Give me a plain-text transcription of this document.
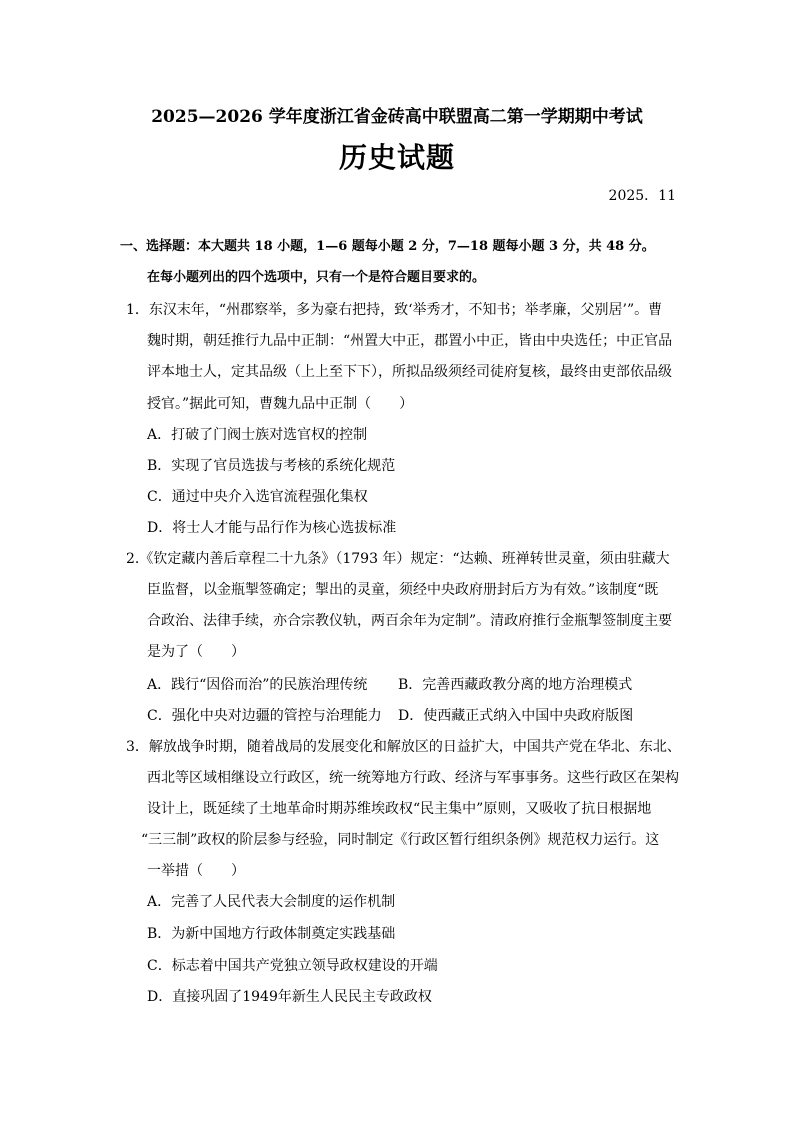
2025—2026 学年度浙江省金砖高中联盟高二第一学期期中考试
历史试题
2025．11
一、选择题：本大题共 18 小题，1—6 题每小题 2 分，7—18 题每小题 3 分，共 48 分。
在每小题列出的四个选项中，只有一个是符合题目要求的。
1．东汉末年，“州郡察举，多为豪右把持，致‘举秀才，不知书；举孝廉，父别居’”。曹
魏时期，朝廷推行九品中正制：“州置大中正，郡置小中正，皆由中央选任；中正官品
评本地士人，定其品级（上上至下下），所拟品级须经司徒府复核，最终由吏部依品级
授官。”据此可知，曹魏九品中正制（　　）
A．打破了门阀士族对选官权的控制
B．实现了官员选拔与考核的系统化规范
C．通过中央介入选官流程强化集权
D．将士人才能与品行作为核心选拔标准
2.《钦定藏内善后章程二十九条》（1793 年）规定：“达赖、班禅转世灵童，须由驻藏大
臣监督，以金瓶掣签确定；掣出的灵童，须经中央政府册封后方为有效。”该制度“既
合政治、法律手续，亦合宗教仪轨，两百余年为定制”。清政府推行金瓶掣签制度主要
是为了（　　）
A．践行“因俗而治”的民族治理传统 B．完善西藏政教分离的地方治理模式
C．强化中央对边疆的管控与治理能力 D．使西藏正式纳入中国中央政府版图
3．解放战争时期，随着战局的发展变化和解放区的日益扩大，中国共产党在华北、东北、
西北等区域相继设立行政区，统一统筹地方行政、经济与军事事务。这些行政区在架构
设计上，既延续了土地革命时期苏维埃政权“民主集中”原则，又吸收了抗日根据地
“三三制”政权的阶层参与经验，同时制定《行政区暂行组织条例》规范权力运行。这
一举措（　　）
A．完善了人民代表大会制度的运作机制
B．为新中国地方行政体制奠定实践基础
C．标志着中国共产党独立领导政权建设的开端
D．直接巩固了1949年新生人民民主专政政权
